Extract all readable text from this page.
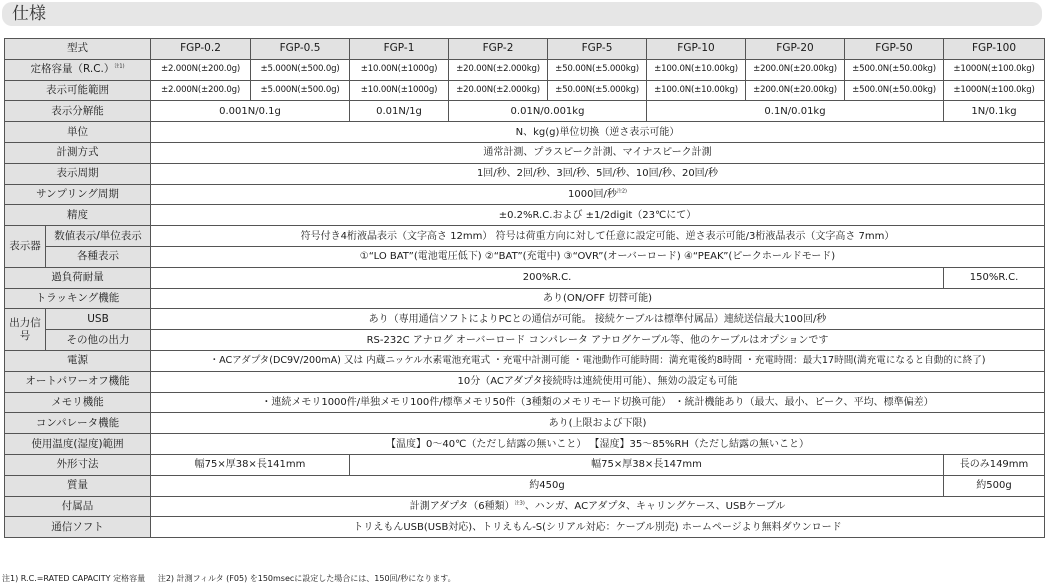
仕様
型式		FGP-0.2	FGP-0.5	FGP-1	FGP-2	FGP-5	FGP-10	FGP-20	FGP-50	FGP-100
定格容量$(R.C.)^{注1)}$		±2.000N(±200.0g)	±5.000N(±500.0g)	±10.00N(±1000g)	±20.00N(±2.000kg)	±50.00N(±5.000kg)	±100.0N(±10.00kg)	±200.0N(±20.00kg)	±500.0N(±50.00kg)	±1000N(±100.0kg)
表示可能範囲		±2.000N(±200.0g)	±5.000N(±500.0g)	±10.00N(±1000g)	±20.00N(±2.000kg)	±50.00N(±5.000kg)	±100.0N(±10.00kg)	±200.0N(±20.00kg)	±500.0N(±50.00kg)	±1000N(±100.0kg)
表示分解能		0.001N/0.1g		0.01N/1g	0.01N/0.001kg		0.1N/0.01kg			1N/0.1kg
単位		N、kg(g)単位切換（逆さ表示可能）								
計測方式		通常計測、プラスピーク計測、マイナスピーク計測								
表示周期		1回/秒、2回/秒、3回/秒、5回/秒、10回/秒、20回/秒								
サンプリング周期		1000回/秒$^{注2)}$
精度		±0.2%R.C.および ±1/2digit（23℃にて）								
表示器	数値表示/単位表示	符号付き4桁液晶表示（文字高さ 12mm） 符号は荷重方向に対して任意に設定可能、逆さ表示可能/3桁液晶表示（文字高さ 7mm）								
	各種表示	①“LO BAT”(電池電圧低下) ②“BAT”(充電中) ③“OVR”(オーバーロード) ④“PEAK”(ピークホールドモード)								
過負荷耐量		200%R.C.								150%R.C.
トラッキング機能		あり(ON/OFF 切替可能)								
出力信号	USB	あり（専用通信ソフトによりPCとの通信が可能。 接続ケーブルは標準付属品）連続送信最大100回/秒								
	その他の出力	RS-232C アナログ オーバーロード コンパレータ アナログケーブル等、他のケーブルはオプションです								
電源		・ACアダプタ(DC9V/200mA) 又は 内蔵ニッケル水素電池充電式 ・充電中計測可能 ・電池動作可能時間：満充電後約8時間 ・充電時間：最大17時間(満充電になると自動的に終了)								
オートパワーオフ機能		10分（ACアダプタ接続時は連続使用可能）、無効の設定も可能								
メモリ機能		・連続メモリ1000件/単独メモリ100件/標準メモリ50件（3種類のメモリモード切換可能） ・統計機能あり（最大、最小、ピーク、平均、標準偏差）								
コンパレータ機能		あり(上限および下限)								
使用温度(湿度)範囲		【温度】0～40℃（ただし結露の無いこと） 【湿度】35～85%RH（ただし結露の無いこと）								
外形寸法		幅75×厚38×長141mm		幅75×厚38×長147mm						長のみ149mm
質量		約450g								約500g
付属品		計測アダプタ（6種類）$^{注3)}$、ハンガ、ACアダプタ、キャリングケース、USBケーブル								
通信ソフト		トリえもんUSB(USB対応)、トリえもん-S(シリアル対応：ケーブル別売) ホームページより無料ダウンロード								
注1) R.C.=RATED CAPACITY 定格容量 注2) 計測フィルタ (F05) を150msecに設定した場合には、150回/秒になります。
